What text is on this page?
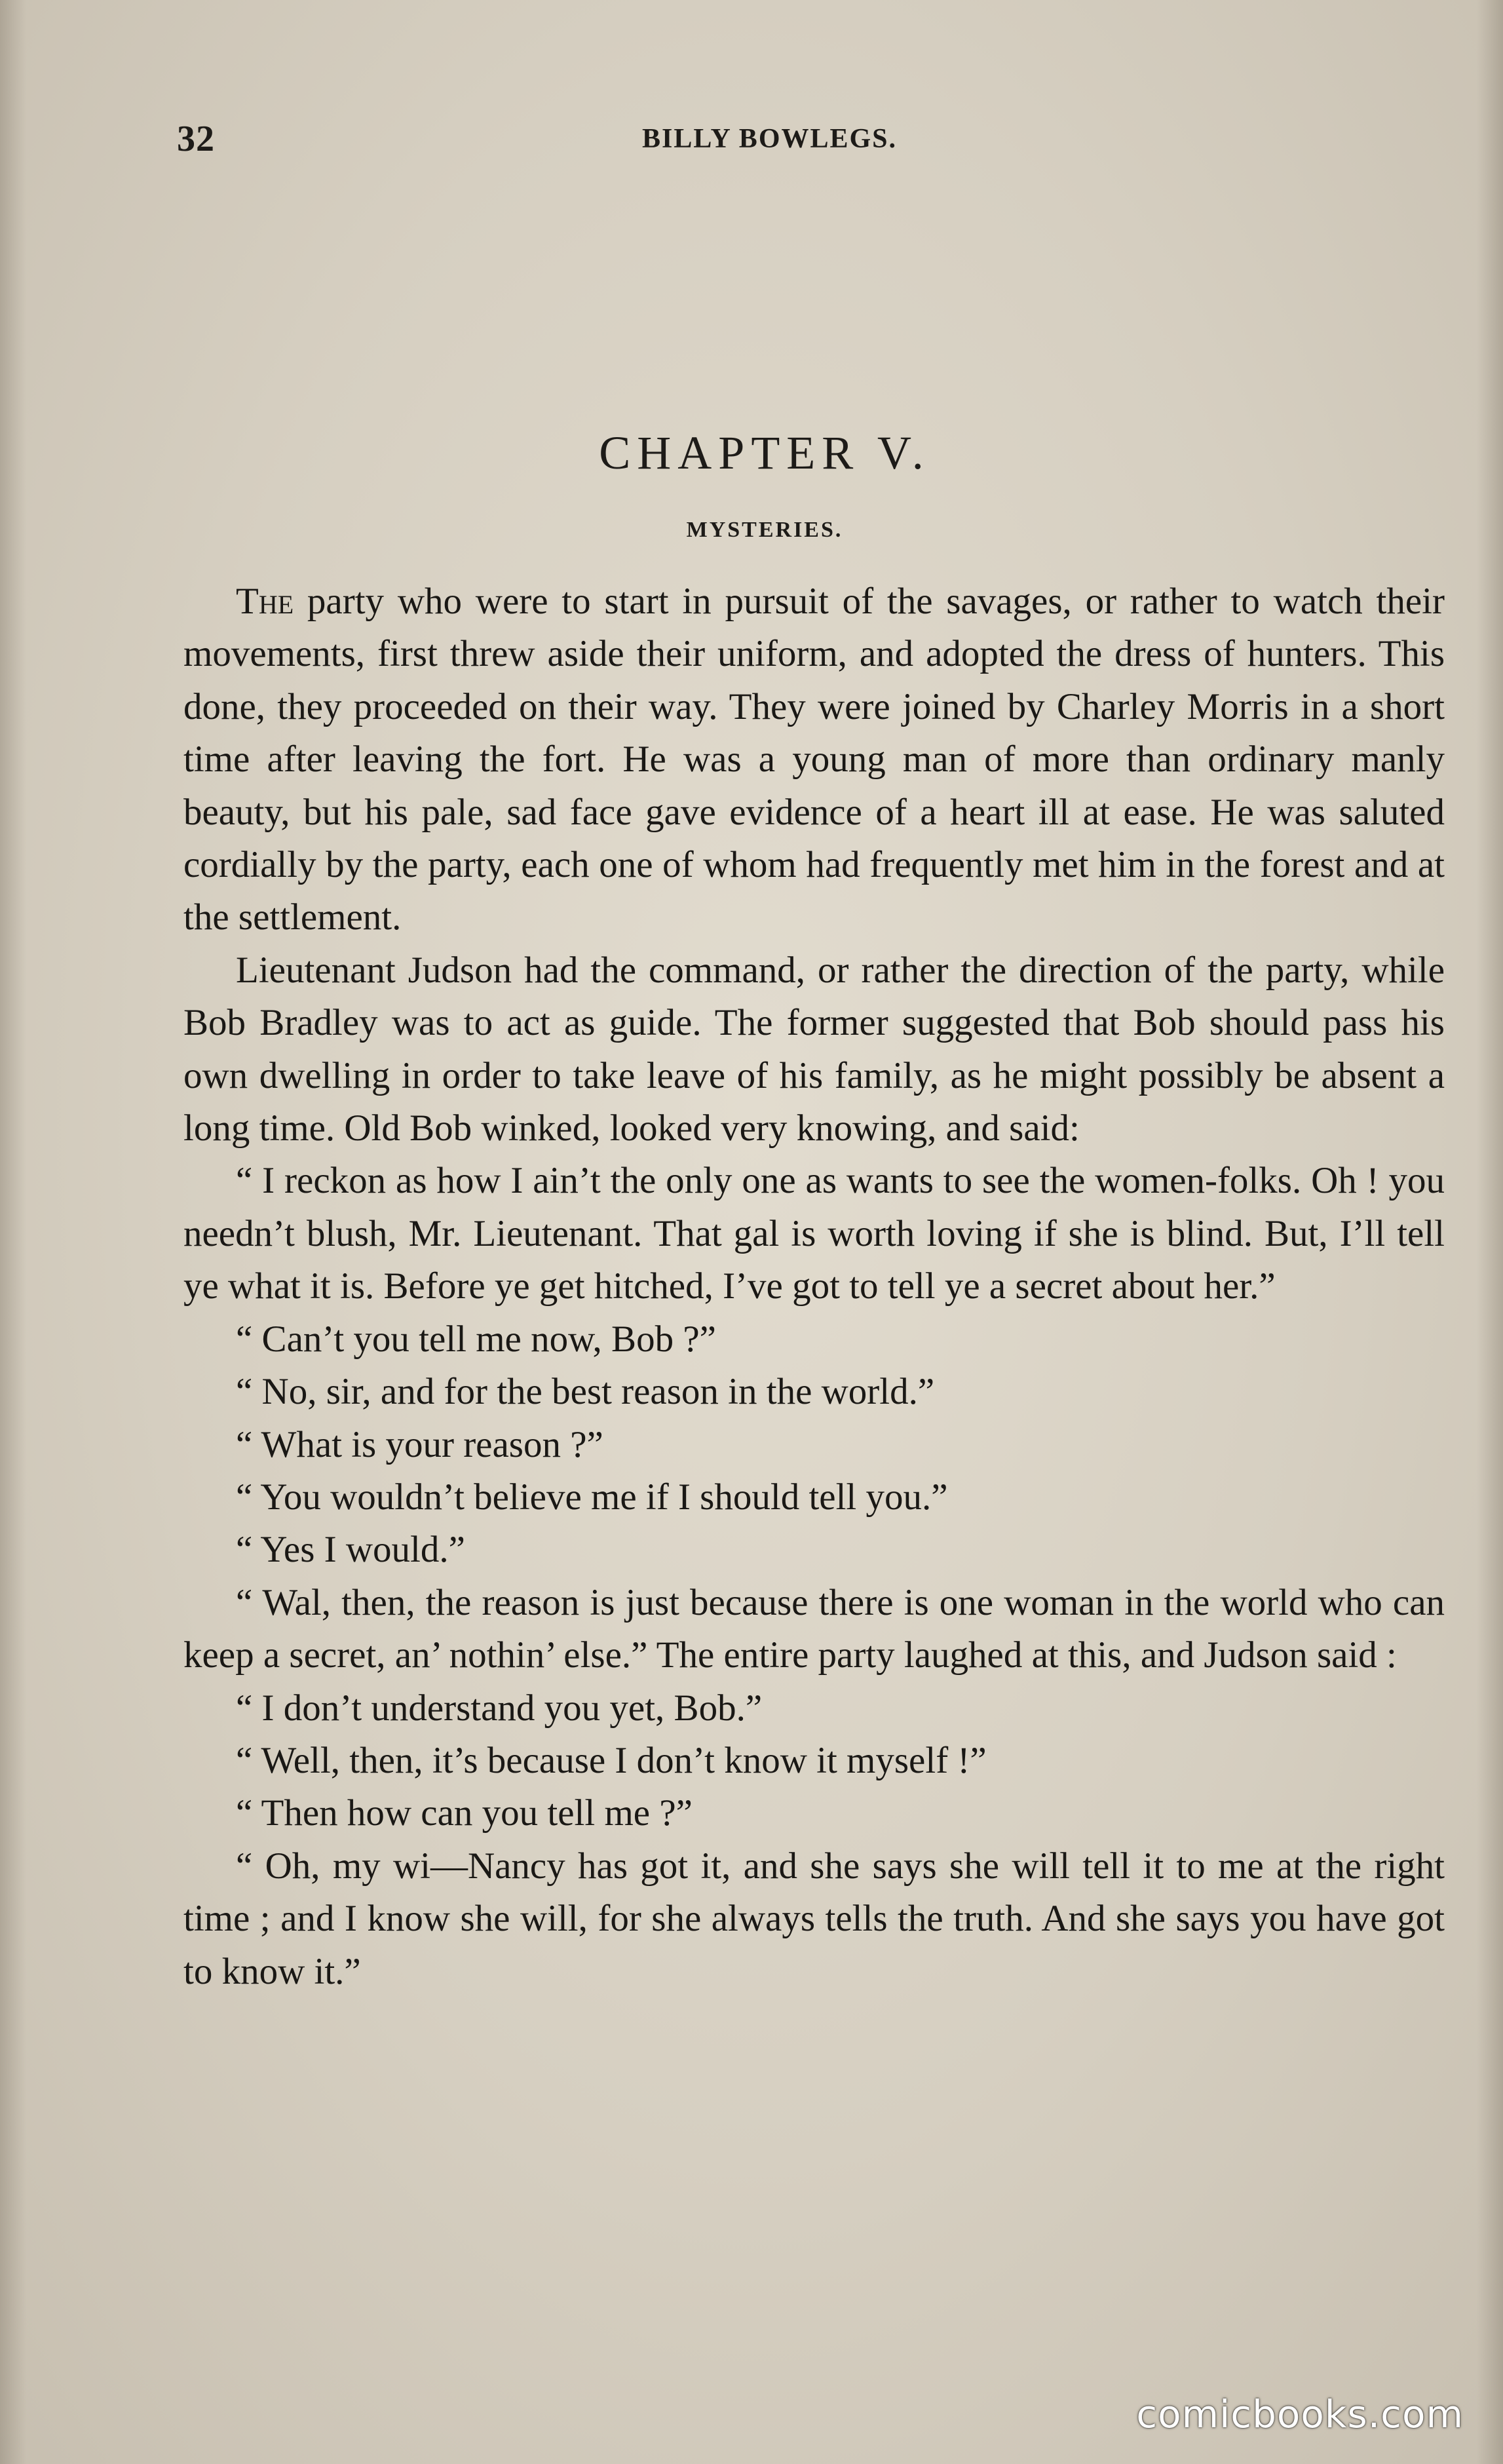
32	BILLY BOWLEGS.
CHAPTER V.
MYSTERIES.

The party who were to start in pursuit of the savages, or rather to watch their movements, first threw aside their uniform, and adopted the dress of hunters. This done, they proceeded on their way. They were joined by Charley Morris in a short time after leaving the fort. He was a young man of more than ordinary manly beauty, but his pale, sad face gave evidence of a heart ill at ease. He was saluted cordially by the party, each one of whom had frequently met him in the forest and at the settlement.

Lieutenant Judson had the command, or rather the direction of the party, while Bob Bradley was to act as guide. The former suggested that Bob should pass his own dwelling in order to take leave of his family, as he might possibly be absent a long time. Old Bob winked, looked very knowing, and said:

“ I reckon as how I ain’t the only one as wants to see the women-folks. Oh ! you needn’t blush, Mr. Lieutenant. That gal is worth loving if she is blind. But, I’ll tell ye what it is. Before ye get hitched, I’ve got to tell ye a secret about her.”

“ Can’t you tell me now, Bob ?”

“ No, sir, and for the best reason in the world.”

“ What is your reason ?”

“ You wouldn’t believe me if I should tell you.”

“ Yes I would.”

“ Wal, then, the reason is just because there is one woman in the world who can keep a secret, an’ nothin’ else.” The entire party laughed at this, and Judson said :

“ I don’t understand you yet, Bob.”

“ Well, then, it’s because I don’t know it myself !”

“ Then how can you tell me ?”

“ Oh, my wi—Nancy has got it, and she says she will tell it to me at the right time ; and I know she will, for she always tells the truth. And she says you have got to know it.”

comicbooks.com
